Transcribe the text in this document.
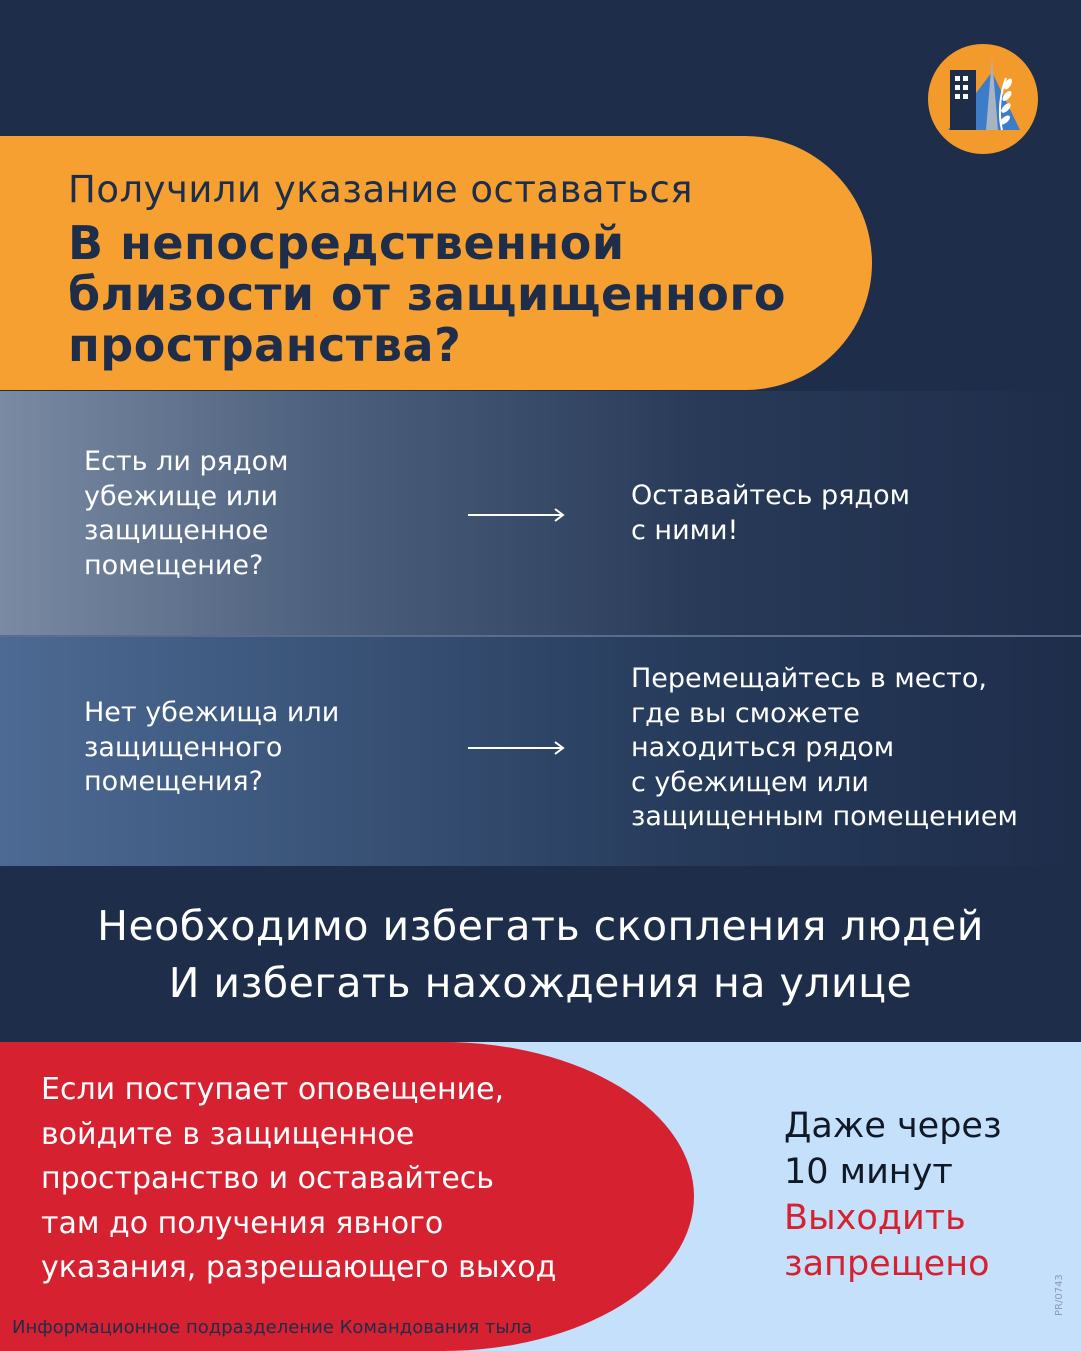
Получили указание оставаться
В непосредственной
близости от защищенного
пространства?
Есть ли рядом
убежище или
защищенное
помещение?
Оставайтесь рядом
с ними!
Нет убежища или
защищенного
помещения?
Перемещайтесь в место,
где вы сможете
находиться рядом
с убежищем или
защищенным помещением
Необходимо избегать скопления людей
И избегать нахождения на улице
Если поступает оповещение,
войдите в защищенное
пространство и оставайтесь
там до получения явного
указания, разрешающего выход
Информационное подразделение Командования тыла
Даже через
10 минут
Выходить
запрещено
PR/0743
